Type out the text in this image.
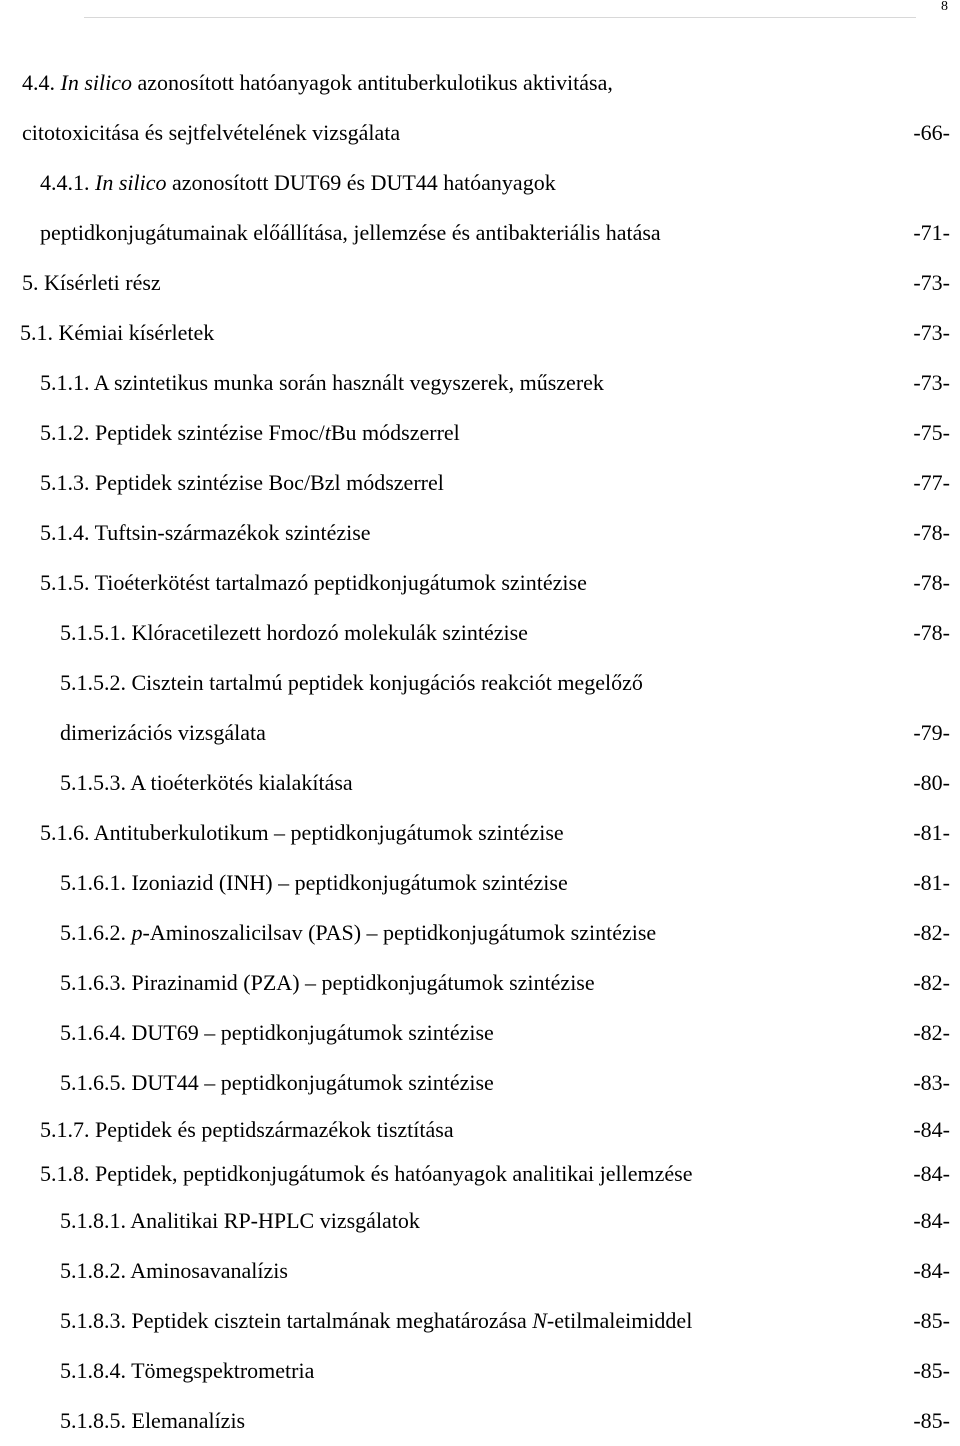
8
4.4. In silico azonosított hatóanyagok antituberkulotikus aktivitása,
citotoxicitása és sejtfelvételének vizsgálata	-66-
4.4.1. In silico azonosított DUT69 és DUT44 hatóanyagok
peptidkonjugátumainak előállítása, jellemzése és antibakteriális hatása	-71-
5. Kísérleti rész	-73-
5.1. Kémiai kísérletek	-73-
5.1.1. A szintetikus munka során használt vegyszerek, műszerek	-73-
5.1.2. Peptidek szintézise Fmoc/tBu módszerrel	-75-
5.1.3. Peptidek szintézise Boc/Bzl módszerrel	-77-
5.1.4. Tuftsin-származékok szintézise	-78-
5.1.5. Tioéterkötést tartalmazó peptidkonjugátumok szintézise	-78-
5.1.5.1. Klóracetilezett hordozó molekulák szintézise	-78-
5.1.5.2. Cisztein tartalmú peptidek konjugációs reakciót megelőző
dimerizációs vizsgálata	-79-
5.1.5.3. A tioéterkötés kialakítása	-80-
5.1.6. Antituberkulotikum – peptidkonjugátumok szintézise	-81-
5.1.6.1. Izoniazid (INH) – peptidkonjugátumok szintézise	-81-
5.1.6.2. p-Aminoszalicilsav (PAS) – peptidkonjugátumok szintézise	-82-
5.1.6.3. Pirazinamid (PZA) – peptidkonjugátumok szintézise	-82-
5.1.6.4. DUT69 – peptidkonjugátumok szintézise	-82-
5.1.6.5. DUT44 – peptidkonjugátumok szintézise	-83-
5.1.7. Peptidek és peptidszármazékok tisztítása	-84-
5.1.8. Peptidek, peptidkonjugátumok és hatóanyagok analitikai jellemzése	-84-
5.1.8.1. Analitikai RP-HPLC vizsgálatok	-84-
5.1.8.2. Aminosavanalízis	-84-
5.1.8.3. Peptidek cisztein tartalmának meghatározása N-etilmaleimiddel	-85-
5.1.8.4. Tömegspektrometria	-85-
5.1.8.5. Elemanalízis	-85-
